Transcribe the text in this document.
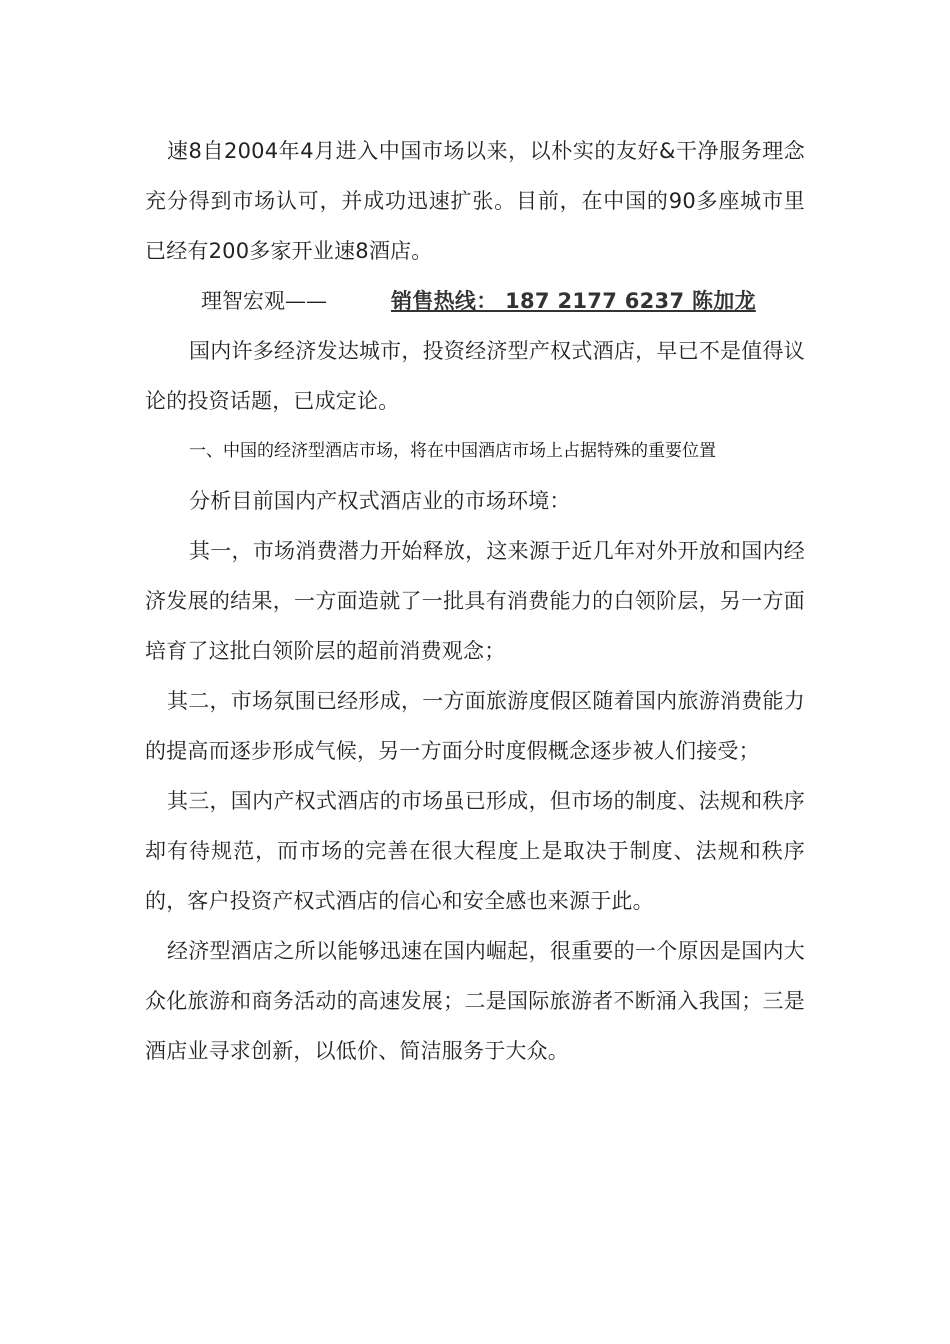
速8自2004年4月进入中国市场以来，以朴实的友好&干净服务理念充分得到市场认可，并成功迅速扩张。目前，在中国的90多座城市里已经有200多家开业速8酒店。

理智宏观——	销售热线： 187 2177 6237 陈加龙

国内许多经济发达城市，投资经济型产权式酒店，早已不是值得议论的投资话题，已成定论。

一、中国的经济型酒店市场，将在中国酒店市场上占据特殊的重要位置

分析目前国内产权式酒店业的市场环境：

其一，市场消费潜力开始释放，这来源于近几年对外开放和国内经济发展的结果，一方面造就了一批具有消费能力的白领阶层，另一方面培育了这批白领阶层的超前消费观念；

其二，市场氛围已经形成，一方面旅游度假区随着国内旅游消费能力的提高而逐步形成气候，另一方面分时度假概念逐步被人们接受；

其三，国内产权式酒店的市场虽已形成，但市场的制度、法规和秩序却有待规范，而市场的完善在很大程度上是取决于制度、法规和秩序的，客户投资产权式酒店的信心和安全感也来源于此。

经济型酒店之所以能够迅速在国内崛起，很重要的一个原因是国内大众化旅游和商务活动的高速发展；二是国际旅游者不断涌入我国；三是酒店业寻求创新，以低价、简洁服务于大众。
